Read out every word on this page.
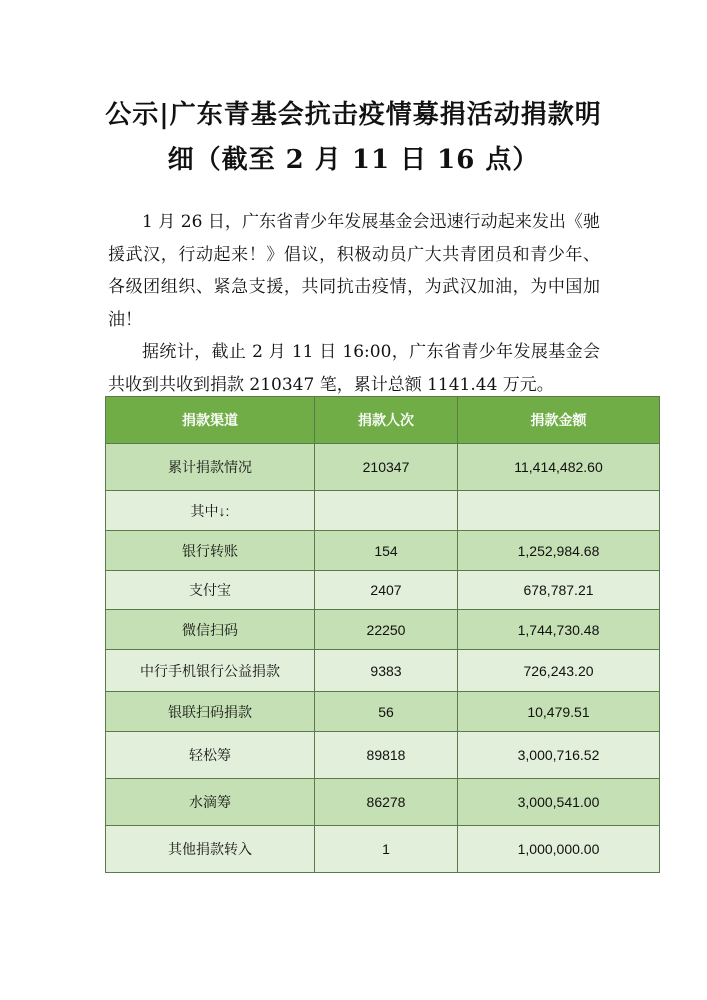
公示|广东青基会抗击疫情募捐活动捐款明
细（截至 2 月 11 日 16 点）

1 月 26 日，广东省青少年发展基金会迅速行动起来发出《驰援武汉，行动起来！》倡议，积极动员广大共青团员和青少年、各级团组织、紧急支援，共同抗击疫情，为武汉加油，为中国加油！

据统计，截止 2 月 11 日 16:00，广东省青少年发展基金会共收到共收到捐款 210347 笔，累计总额 1141.44 万元。

捐款渠道	捐款人次	捐款金额
累计捐款情况	210347	11,414,482.60
其中↓:		
银行转账	154	1,252,984.68
支付宝	2407	678,787.21
微信扫码	22250	1,744,730.48
中行手机银行公益捐款	9383	726,243.20
银联扫码捐款	56	10,479.51
轻松筹	89818	3,000,716.52
水滴筹	86278	3,000,541.00
其他捐款转入	1	1,000,000.00
